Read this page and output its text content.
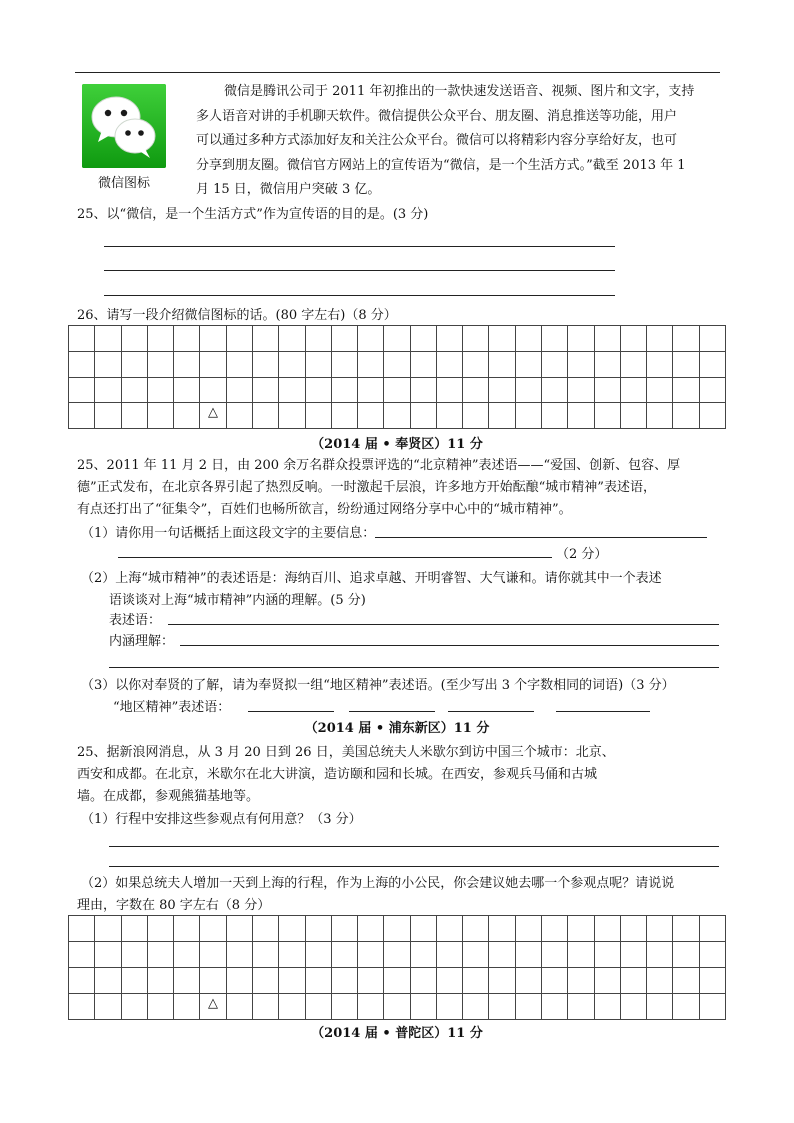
微信图标
微信是腾讯公司于 2011 年初推出的一款快速发送语音、视频、图片和文字，支持
多人语音对讲的手机聊天软件。微信提供公众平台、朋友圈、消息推送等功能，用户
可以通过多种方式添加好友和关注公众平台。微信可以将精彩内容分享给好友，也可
分享到朋友圈。微信官方网站上的宣传语为“微信，是一个生活方式。”截至 2013 年 1
月 15 日，微信用户突破 3 亿。
25、以“微信，是一个生活方式”作为宣传语的目的是。(3 分)
26、请写一段介绍微信图标的话。(80 字左右)（8 分）
△
（2014 届 • 奉贤区）11 分
25、2011 年 11 月 2 日，由 200 余万名群众投票评选的“北京精神”表述语——“爱国、创新、包容、厚
德”正式发布，在北京各界引起了热烈反响。一时激起千层浪，许多地方开始酝酿“城市精神”表述语，
有点还打出了“征集令”，百姓们也畅所欲言，纷纷通过网络分享中心中的“城市精神”。
（1）请你用一句话概括上面这段文字的主要信息：
（2 分）
（2）上海“城市精神”的表述语是：海纳百川、追求卓越、开明睿智、大气谦和。请你就其中一个表述
语谈谈对上海“城市精神”内涵的理解。(5 分)
表述语：
内涵理解：
（3）以你对奉贤的了解，请为奉贤拟一组“地区精神”表述语。(至少写出 3 个字数相同的词语)（3 分）
“地区精神”表述语：
（2014 届 • 浦东新区）11 分
25、据新浪网消息，从 3 月 20 日到 26 日，美国总统夫人米歇尔到访中国三个城市：北京、
西安和成都。在北京，米歇尔在北大讲演，造访颐和园和长城。在西安，参观兵马俑和古城
墙。在成都，参观熊猫基地等。
（1）行程中安排这些参观点有何用意？（3 分）
（2）如果总统夫人增加一天到上海的行程，作为上海的小公民，你会建议她去哪一个参观点呢？请说说
理由，字数在 80 字左右（8 分）
△
（2014 届 • 普陀区）11 分
